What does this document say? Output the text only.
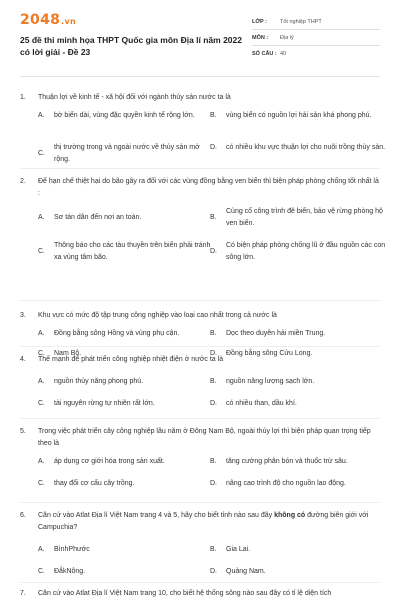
2048.vn
25 đề thi minh họa THPT Quốc gia môn Địa lí năm 2022 có lời giải - Đề 23
LỚP :	Tốt nghiệp THPT
MÔN :	Địa lý
SỐ CÂU : 40
1.	Thuận lợi về kinh tế - xã hội đối với ngành thủy sản nước ta là
A.	bờ biển dài, vùng đặc quyền kinh tế rộng lớn.	B.	vùng biển có nguồn lợi hải sản khá phong phú.
C.
thị trường trong và ngoài nước về thủy sản mở rộng.
D.	có nhiều khu vực thuận lợi cho nuôi trồng thủy sản.
2.	Để hạn chế thiệt hại do bão gây ra đối với các vùng đồng bằng ven biển thì biện pháp phòng chống tốt nhất là :
A.	Sơ tán dân đến nơi an toàn.	B.
Củng cố công trình đê biển, bảo vệ rừng phòng hộ ven biển.
C.
Thông báo cho các tàu thuyền trên biển phải tránh xa vùng tâm bão.
D.
Có biện pháp phòng chống lũ ở đầu nguồn các con sông lớn.
3.	Khu vực có mức độ tập trung công nghiệp vào loại cao nhất trong cả nước là
A.	Đồng bằng sông Hồng và vùng phụ cận.	B.	Dọc theo duyên hải miền Trung.
C.	Nam Bộ.	D.	Đồng bằng sông Cửu Long.
4.	Thế mạnh để phát triển công nghiệp nhiệt điện ở nước ta là
A.	nguồn thủy năng phong phú.	B.	nguồn năng lượng sạch lớn.
C.	tài nguyên rừng tự nhiên rất lớn.	D.	có nhiều than, dầu khí.
5.	Trong việc phát triển cây công nghiệp lâu năm ở Đông Nam Bộ, ngoài thủy lợi thì biện pháp quan trọng tiếp theo là
A.	áp dụng cơ giới hóa trong sản xuất.	B.	tăng cường phân bón và thuốc trừ sâu.
C.	thay đổi cơ cấu cây trồng.	D.	nâng cao trình độ cho nguồn lao động.
6.	Căn cứ vào Atlat Địa lí Việt Nam trang 4 và 5, hãy cho biết tỉnh nào sau đây không có đường biên giới với Campuchia?
A.	BìnhPhước	B.	Gia Lai.
C.	ĐắkNông.	D.	Quảng Nam.
7.	Căn cứ vào Atlat Địa lí Việt Nam trang 10, cho biết hệ thống sông nào sau đây có tỉ lệ diện tích
